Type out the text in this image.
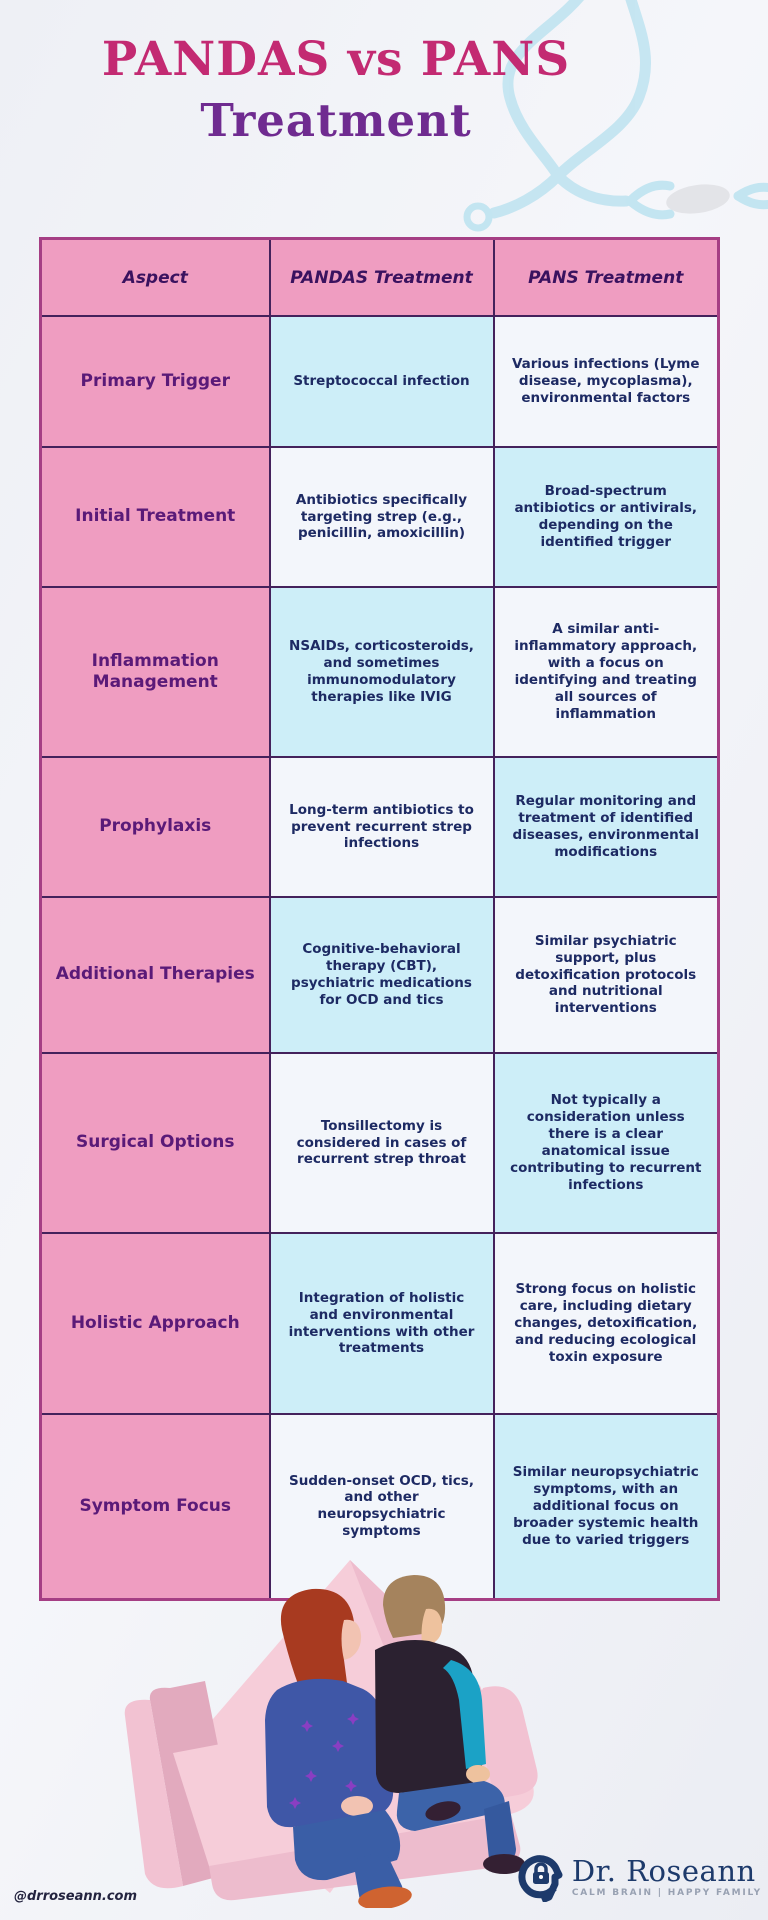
PANDAS vs PANS
Treatment
Aspect	PANDAS Treatment	PANS Treatment
Primary Trigger	Streptococcal infection	Various infections (Lyme disease, mycoplasma), environmental factors
Initial Treatment	Antibiotics specifically targeting strep (e.g., penicillin, amoxicillin)	Broad-spectrum antibiotics or antivirals, depending on the identified trigger
Inflammation Management	NSAIDs, corticosteroids, and sometimes immunomodulatory therapies like IVIG	A similar anti-inflammatory approach, with a focus on identifying and treating all sources of inflammation
Prophylaxis	Long-term antibiotics to prevent recurrent strep infections	Regular monitoring and treatment of identified diseases, environmental modifications
Additional Therapies	Cognitive-behavioral therapy (CBT), psychiatric medications for OCD and tics	Similar psychiatric support, plus detoxification protocols and nutritional interventions
Surgical Options	Tonsillectomy is considered in cases of recurrent strep throat	Not typically a consideration unless there is a clear anatomical issue contributing to recurrent infections
Holistic Approach	Integration of holistic and environmental interventions with other treatments	Strong focus on holistic care, including dietary changes, detoxification, and reducing ecological toxin exposure
Symptom Focus	Sudden-onset OCD, tics, and other neuropsychiatric symptoms	Similar neuropsychiatric symptoms, with an additional focus on broader systemic health due to varied triggers
@drroseann.com
Dr. Roseann
CALM BRAIN | HAPPY FAMILY
